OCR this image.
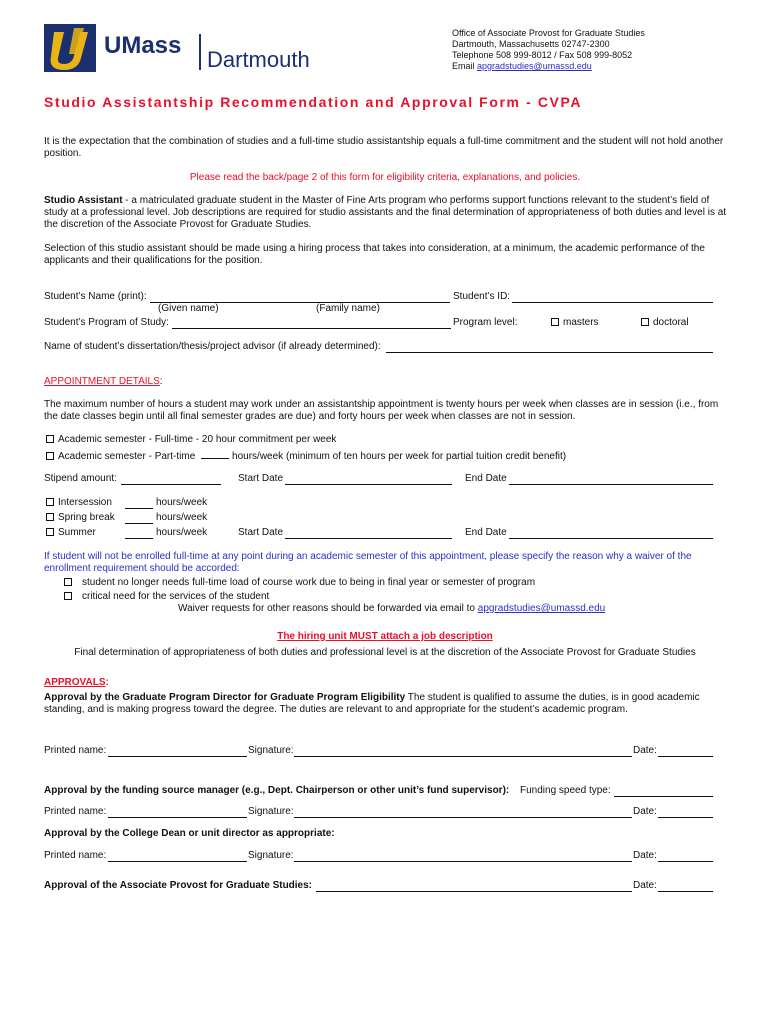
UMass
Dartmouth
Office of Associate Provost for Graduate Studies
Dartmouth, Massachusetts 02747-2300
Telephone 508 999-8012 / Fax 508 999-8052
Email apgradstudies@umassd.edu
Studio Assistantship Recommendation and Approval Form - CVPA

It is the expectation that the combination of studies and a full-time studio assistantship equals a full-time commitment and the student will not hold another position.

Please read the back/page 2 of this form for eligibility criteria, explanations, and policies.

Studio Assistant - a matriculated graduate student in the Master of Fine Arts program who performs support functions relevant to the student’s field of study at a professional level. Job descriptions are required for studio assistants and the final determination of appropriateness of both duties and level is at the discretion of the Associate Provost for Graduate Studies.

Selection of this studio assistant should be made using a hiring process that takes into consideration, at a minimum, the academic performance of the applicants and their qualifications for the position.

Student’s Name (print):
(Given name)	(Family name)
Student’s ID:
Student’s Program of Study:	Program level:	masters	doctoral
Name of student’s dissertation/thesis/project advisor (if already determined):
APPOINTMENT DETAILS:

The maximum number of hours a student may work under an assistantship appointment is twenty hours per week when classes are in session (i.e., from the date classes begin until all final semester grades are due) and forty hours per week when classes are not in session.

Academic semester - Full-time - 20 hour commitment per week
Academic semester - Part-time	hours/week (minimum of ten hours per week for partial tuition credit benefit)
Stipend amount:	Start Date	End Date
Intersession	hours/week
Spring break	hours/week
Summer	hours/week	Start Date	End Date

If student will not be enrolled full-time at any point during an academic semester of this appointment, please specify the reason why a waiver of the enrollment requirement should be accorded:

student no longer needs full-time load of course work due to being in final year or semester of program
critical need for the services of the student
Waiver requests for other reasons should be forwarded via email to apgradstudies@umassd.edu
The hiring unit MUST attach a job description
Final determination of appropriateness of both duties and professional level is at the discretion of the Associate Provost for Graduate Studies
APPROVALS:

Approval by the Graduate Program Director for Graduate Program Eligibility The student is qualified to assume the duties, is in good academic standing, and is making progress toward the degree. The duties are relevant to and appropriate for the student’s academic program.

Printed name:	Signature:	Date:
Approval by the funding source manager (e.g., Dept. Chairperson or other unit’s fund supervisor): Funding speed type:
Printed name:	Signature:	Date:
Approval by the College Dean or unit director as appropriate:
Printed name:	Signature:	Date:
Approval of the Associate Provost for Graduate Studies:	Date:
